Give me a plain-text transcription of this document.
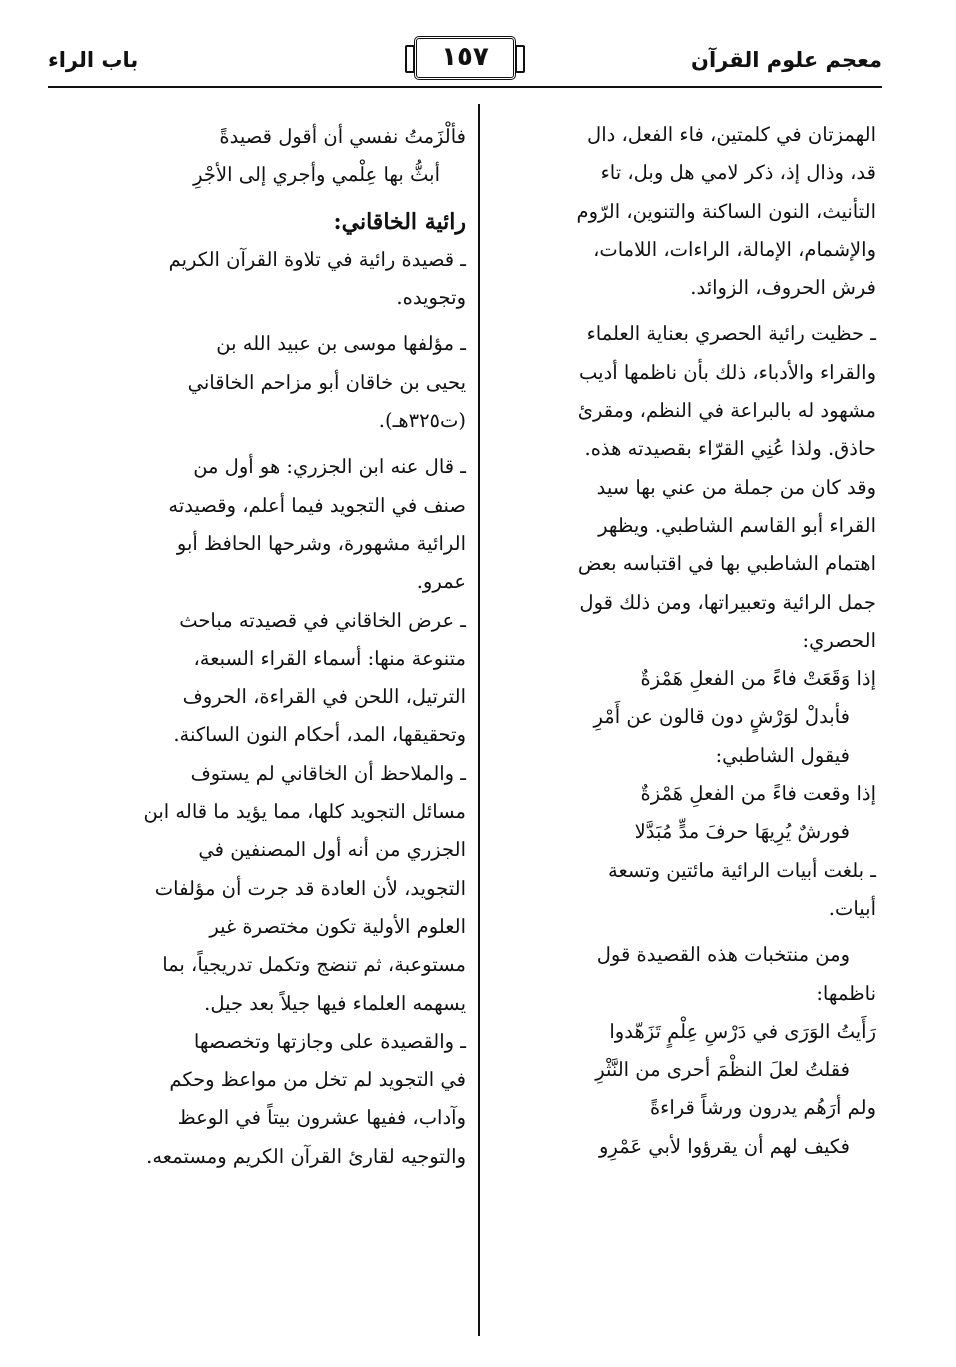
معجم علوم القرآن
١٥٧
باب الراء

الهمزتان في كلمتين، فاء الفعل، دال

قد، وذال إذ، ذكر لامي هل وبل، تاء

التأنيث، النون الساكنة والتنوين، الرّوم

والإشمام، الإمالة، الراءات، اللامات،

فرش الحروف، الزوائد.

ـ حظيت رائية الحصري بعناية العلماء

والقراء والأدباء، ذلك بأن ناظمها أديب

مشهود له بالبراعة في النظم، ومقرئ

حاذق. ولذا عُنِي القرّاء بقصيدته هذه.

وقد كان من جملة من عني بها سيد

القراء أبو القاسم الشاطبي. ويظهر

اهتمام الشاطبي بها في اقتباسه بعض

جمل الرائية وتعبيراتها، ومن ذلك قول

الحصري:

إذا وَقَعَتْ فاءً من الفعلِ هَمْزةٌ

فأبدلْ لوَرْشٍ دون قالون عن أَمْرِ

فيقول الشاطبي:

إذا وقعت فاءً من الفعلِ هَمْزةٌ

فورشٌ يُرِيهَا حرفَ مدٍّ مُبَدَّلا

ـ بلغت أبيات الرائية مائتين وتسعة

أبيات.

ومن منتخبات هذه القصيدة قول

ناظمها:

رَأَيتُ الوَرَى في دَرْسِ عِلْمٍ تَزَهّدوا

فقلتُ لعلَ النظْمَ أحرى من النَّثْرِ

ولم أرَهُم يدرون ورشاً قراءةً

فكيف لهم أن يقرؤوا لأبي عَمْرِو

فألْزَمتُ نفسي أن أقول قصيدةً

أبثُّ بها عِلْمي وأجري إلى الأجْرِ

رائية الخاقاني:

ـ قصيدة رائية في تلاوة القرآن الكريم

وتجويده.

ـ مؤلفها موسى بن عبيد الله بن

يحيى بن خاقان أبو مزاحم الخاقاني

(ت٣٢٥هـ).

ـ قال عنه ابن الجزري: هو أول من

صنف في التجويد فيما أعلم، وقصيدته

الرائية مشهورة، وشرحها الحافظ أبو

عمرو.

ـ عرض الخاقاني في قصيدته مباحث

متنوعة منها: أسماء القراء السبعة،

الترتيل، اللحن في القراءة، الحروف

وتحقيقها، المد، أحكام النون الساكنة.

ـ والملاحظ أن الخاقاني لم يستوف

مسائل التجويد كلها، مما يؤيد ما قاله ابن

الجزري من أنه أول المصنفين في

التجويد، لأن العادة قد جرت أن مؤلفات

العلوم الأولية تكون مختصرة غير

مستوعبة، ثم تنضج وتكمل تدريجياً، بما

يسهمه العلماء فيها جيلاً بعد جيل.

ـ والقصيدة على وجازتها وتخصصها

في التجويد لم تخل من مواعظ وحكم

وآداب، ففيها عشرون بيتاً في الوعظ

والتوجيه لقارئ القرآن الكريم ومستمعه.
